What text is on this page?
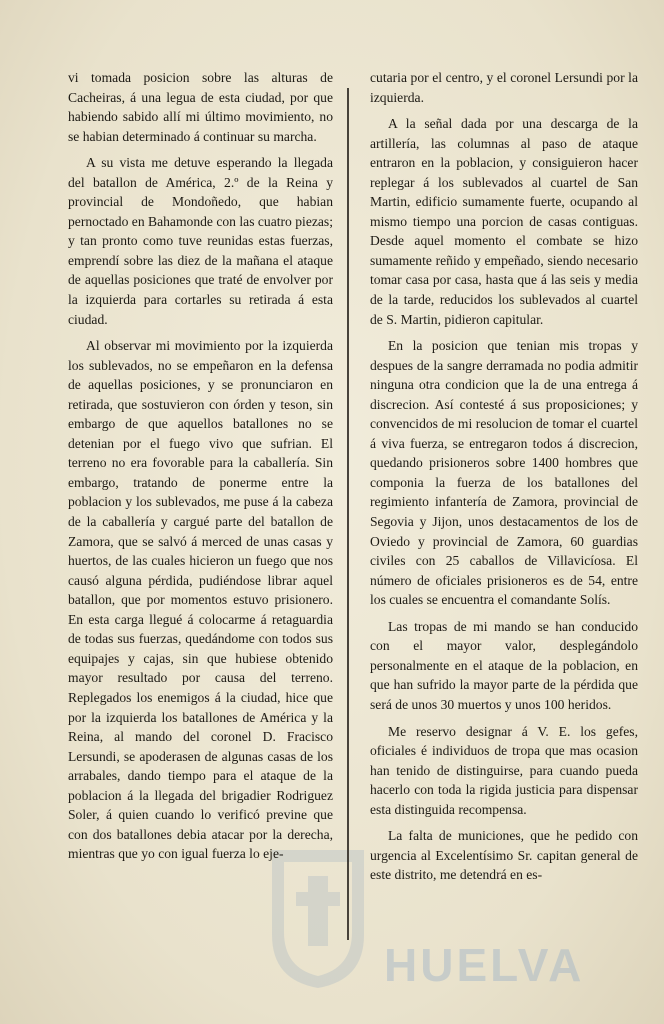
HUELVA

vi tomada posicion sobre las alturas de Cacheiras, á una legua de esta ciudad, por que habiendo sabido allí mi último movimiento, no se habian determinado á continuar su marcha.

A su vista me detuve esperando la llegada del batallon de América, 2.º de la Reina y provincial de Mondoñedo, que habian pernoctado en Bahamonde con las cuatro piezas; y tan pronto como tuve reunidas estas fuerzas, emprendí sobre las diez de la mañana el ataque de aquellas posiciones que traté de envolver por la izquierda para cortarles su retirada á esta ciudad.

Al observar mi movimiento por la izquierda los sublevados, no se empeñaron en la defensa de aquellas posiciones, y se pronunciaron en retirada, que sostuvieron con órden y teson, sin embargo de que aquellos batallones no se detenian por el fuego vivo que sufrian. El terreno no era fovorable para la caballería. Sin embargo, tratando de ponerme entre la poblacion y los sublevados, me puse á la cabeza de la caballería y cargué parte del batallon de Zamora, que se salvó á merced de unas casas y huertos, de las cuales hicieron un fuego que nos causó alguna pérdida, pudiéndose librar aquel batallon, que por momentos estuvo prisionero. En esta carga llegué á colocarme á retaguardia de todas sus fuerzas, quedándome con todos sus equipajes y cajas, sin que hubiese obtenido mayor resultado por causa del terreno. Replegados los enemigos á la ciudad, hice que por la izquierda los batallones de América y la Reina, al mando del coronel D. Fracisco Lersundi, se apoderasen de algunas casas de los arrabales, dando tiempo para el ataque de la poblacion á la llegada del brigadier Rodriguez Soler, á quien cuando lo verificó previne que con dos batallones debia atacar por la derecha, mientras que yo con igual fuerza lo eje-

cutaria por el centro, y el coronel Lersundi por la izquierda.

A la señal dada por una descarga de la artillería, las columnas al paso de ataque entraron en la poblacion, y consiguieron hacer replegar á los sublevados al cuartel de San Martin, edificio sumamente fuerte, ocupando al mismo tiempo una porcion de casas contiguas. Desde aquel momento el combate se hizo sumamente reñido y empeñado, siendo necesario tomar casa por casa, hasta que á las seis y media de la tarde, reducidos los sublevados al cuartel de S. Martin, pidieron capitular.

En la posicion que tenian mis tropas y despues de la sangre derramada no podia admitir ninguna otra condicion que la de una entrega á discrecion. Así contesté á sus proposiciones; y convencidos de mi resolucion de tomar el cuartel á viva fuerza, se entregaron todos á discrecion, quedando prisioneros sobre 1400 hombres que componia la fuerza de los batallones del regimiento infantería de Zamora, provincial de Segovia y Jijon, unos destacamentos de los de Oviedo y provincial de Zamora, 60 guardias civiles con 25 caballos de Villavicíosa. El número de oficiales prisioneros es de 54, entre los cuales se encuentra el comandante Solís.

Las tropas de mi mando se han conducido con el mayor valor, desplegándolo personalmente en el ataque de la poblacion, en que han sufrido la mayor parte de la pérdida que será de unos 30 muertos y unos 100 heridos.

Me reservo designar á V. E. los gefes, oficiales é individuos de tropa que mas ocasion han tenido de distinguirse, para cuando pueda hacerlo con toda la rigida justicia para dispensar esta distinguida recompensa.

La falta de municiones, que he pedido con urgencia al Excelentísimo Sr. capitan general de este distrito, me detendrá en es-
